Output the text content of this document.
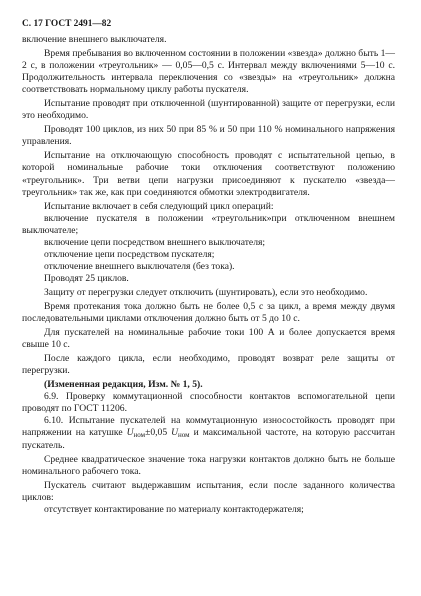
С. 17 ГОСТ 2491—82

включение внешнего выключателя.

Время пребывания во включенном состоянии в положении «звезда» должно быть 1—2 с, в положении «треугольник» — 0,05—0,5 с. Интервал между включениями 5—10 с. Продолжительность интервала переключения со «звезды» на «треугольник» должна соответствовать нормальному циклу работы пускателя.

Испытание проводят при отключенной (шунтированной) защите от перегрузки, если это необходимо.

Проводят 100 циклов, из них 50 при 85 % и 50 при 110 % номинального напряжения управления.

Испытание на отключающую способность проводят с испытательной цепью, в которой номинальные рабочие токи отключения соответствуют положению «треугольник». Три ветви цепи нагрузки присоединяют к пускателю «звезда—треугольник» так же, как при соединяются обмотки электродвигателя.

Испытание включает в себя следующий цикл операций:

включение пускателя в положении «треугольник»при отключенном внешнем выключателе;

включение цепи посредством внешнего выключателя;

отключение цепи посредством пускателя;

отключение внешнего выключателя (без тока).

Проводят 25 циклов.

Защиту от перегрузки следует отключить (шунтировать), если это необходимо.

Время протекания тока должно быть не более 0,5 с за цикл, а время между двумя последовательными циклами отключения должно быть от 5 до 10 с.

Для пускателей на номинальные рабочие токи 100 А и более допускается время свыше 10 с.

После каждого цикла, если необходимо, проводят возврат реле защиты от перегрузки.

(Измененная редакция, Изм. № 1, 5).

6.9. Проверку коммутационной способности контактов вспомогательной цепи проводят по ГОСТ 11206.

6.10. Испытание пускателей на коммутационную износостойкость проводят при напряжении на катушке $U_{ном}\pm 0,05$ $U_{ном}$ и максимальной частоте, на которую рассчитан пускатель.

Среднее квадратическое значение тока нагрузки контактов должно быть не больше номинального рабочего тока.

Пускатель считают выдержавшим испытания, если после заданного количества циклов:

отсутствует контактирование по материалу контактодержателя;
